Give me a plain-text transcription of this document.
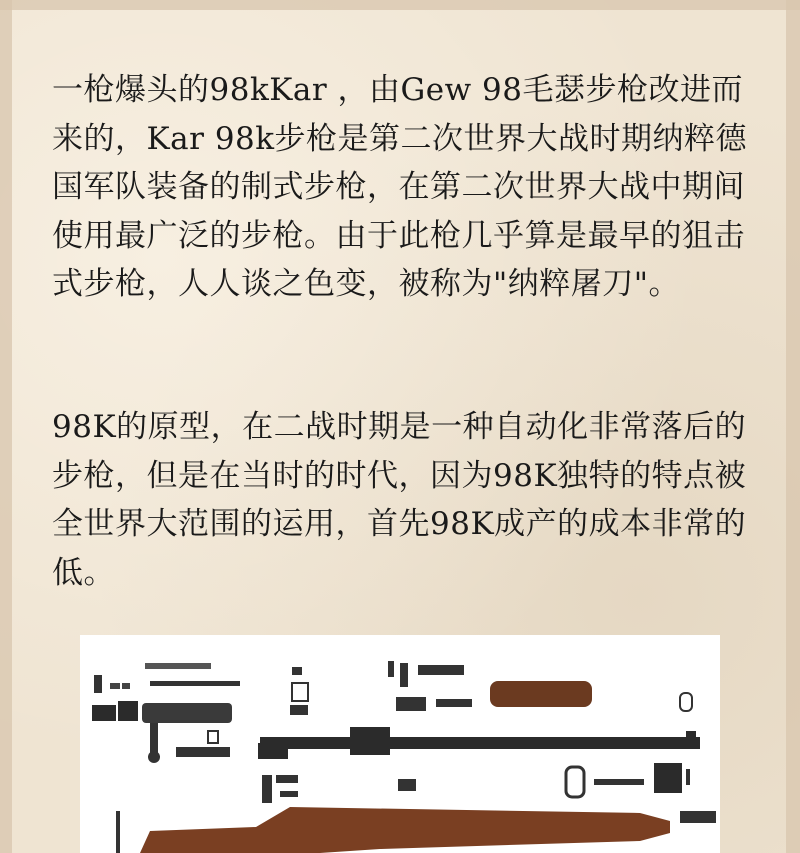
一枪爆头的98kKar ，由Gew 98毛瑟步枪改进而来的，Kar 98k步枪是第二次世界大战时期纳粹德国军队装备的制式步枪，在第二次世界大战中期间使用最广泛的步枪。由于此枪几乎算是最早的狙击式步枪，人人谈之色变，被称为"纳粹屠刀"。

98K的原型，在二战时期是一种自动化非常落后的步枪，但是在当时的时代，因为98K独特的特点被全世界大范围的运用，首先98K成产的成本非常的低。
